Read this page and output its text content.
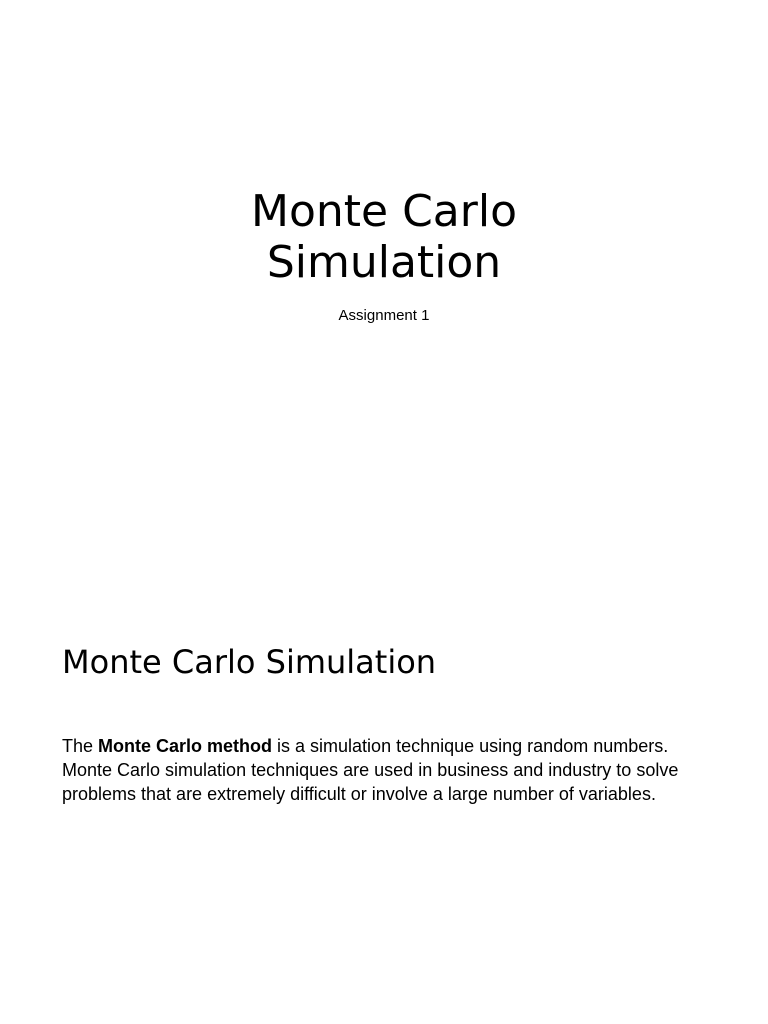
Monte Carlo
Simulation
Assignment 1
Monte Carlo Simulation

The Monte Carlo method is a simulation technique using random numbers. Monte Carlo simulation techniques are used in business and industry to solve problems that are extremely difficult or involve a large number of variables.
